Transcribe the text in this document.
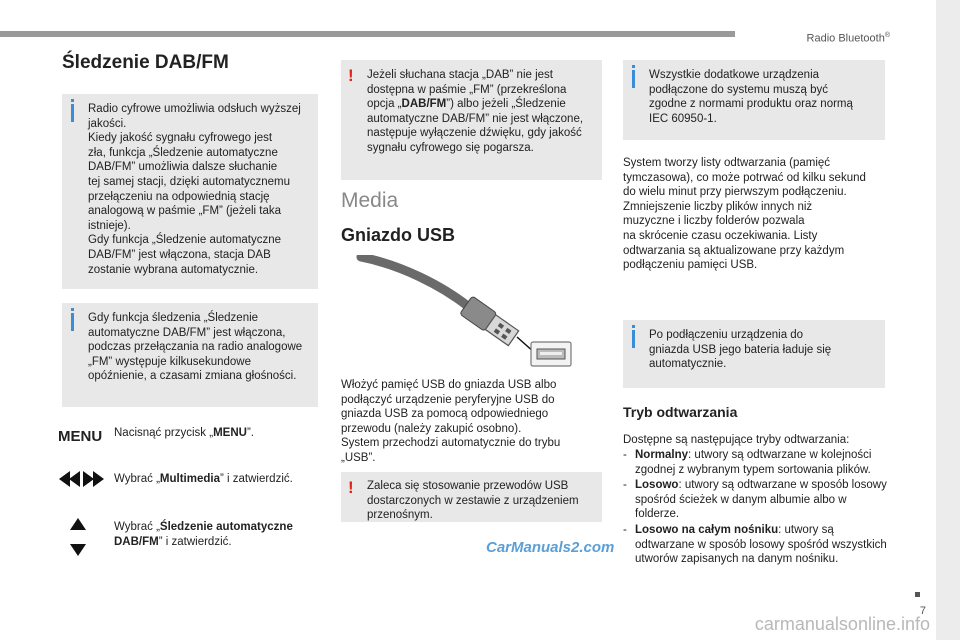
Radio Bluetooth®
Śledzenie DAB/FM

Radio cyfrowe umożliwia odsłuch wyższej
jakości.
Kiedy jakość sygnału cyfrowego jest
zła, funkcja „Śledzenie automatyczne
DAB/FM” umożliwia dalsze słuchanie
tej samej stacji, dzięki automatycznemu
przełączeniu na odpowiednią stację
analogową w paśmie „FM” (jeżeli taka
istnieje).
Gdy funkcja „Śledzenie automatyczne
DAB/FM” jest włączona, stacja DAB
zostanie wybrana automatycznie.

Gdy funkcja śledzenia „Śledzenie
automatyczne DAB/FM” jest włączona,
podczas przełączania na radio analogowe
„FM” występuje kilkusekundowe
opóźnienie, a czasami zmiana głośności.

MENU Nacisnąć przycisk „MENU”.
Wybrać „Multimedia” i zatwierdzić.
Wybrać „Śledzenie automatyczne DAB/FM” i zatwierdzić.
! Jeżeli słuchana stacja „DAB” nie jest
dostępna w paśmie „FM” (przekreślona
opcja „DAB/FM”) albo jeżeli „Śledzenie
automatyczne DAB/FM” nie jest włączone,
następuje wyłączenie dźwięku, gdy jakość
sygnału cyfrowego się pogarsza.

Media
Gniazdo USB
Włożyć pamięć USB do gniazda USB albo
podłączyć urządzenie peryferyjne USB do
gniazda USB za pomocą odpowiedniego
przewodu (należy zakupić osobno).
System przechodzi automatycznie do trybu
„USB”.
! Zaleca się stosowanie przewodów USB
dostarczonych w zestawie z urządzeniem
przenośnym.

Wszystkie dodatkowe urządzenia
podłączone do systemu muszą być
zgodne z normami produktu oraz normą
IEC 60950-1.

System tworzy listy odtwarzania (pamięć
tymczasowa), co może potrwać od kilku sekund
do wielu minut przy pierwszym podłączeniu.
Zmniejszenie liczby plików innych niż
muzyczne i liczby folderów pozwala
na skrócenie czasu oczekiwania. Listy
odtwarzania są aktualizowane przy każdym
podłączeniu pamięci USB.

Po podłączeniu urządzenia do
gniazda USB jego bateria ładuje się
automatycznie.

Tryb odtwarzania
Dostępne są następujące tryby odtwarzania:
- Normalny: utwory są odtwarzane w kolejności zgodnej z wybranym typem sortowania plików.
- Losowo: utwory są odtwarzane w sposób losowy spośród ścieżek w danym albumie albo w folderze.
- Losowo na całym nośniku: utwory są odtwarzane w sposób losowy spośród wszystkich utworów zapisanych na danym nośniku.
CarManuals2.com
carmanualsonline.info
7
